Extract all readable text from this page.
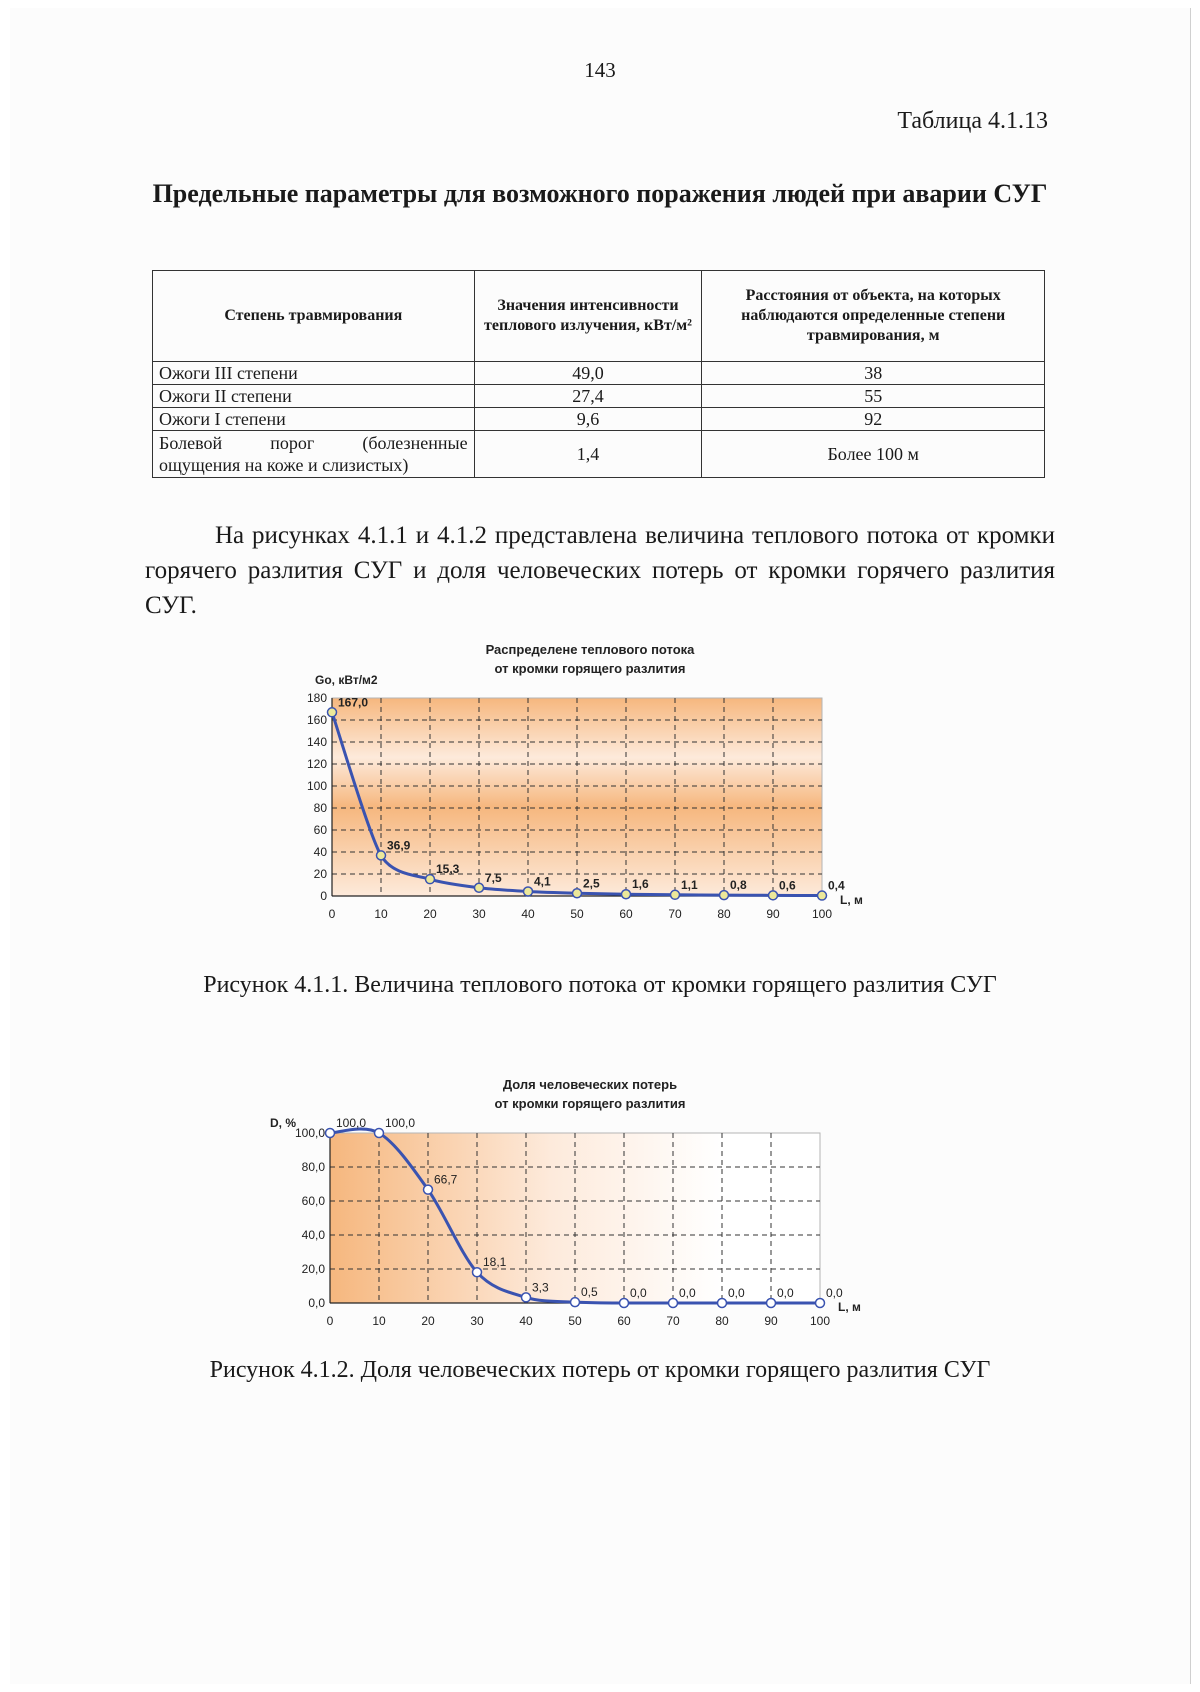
143
Таблица 4.1.13
Предельные параметры для возможного поражения людей при аварии СУГ
Степень травмирования	Значения интенсивности теплового излучения, кВт/м²	Расстояния от объекта, на которых наблюдаются определенные степени травмирования, м
Ожоги III степени	49,0	38
Ожоги II степени	27,4	55
Ожоги I степени	9,6	92

Болевой порог (болезненные
ощущения на коже и слизистых)	1,4	Более 100 м
На рисунках 4.1.1 и 4.1.2 представлена величина теплового потока от кромки горячего разлития СУГ и доля человеческих потерь от кромки горячего разлития СУГ.
0	10	20	30	40	50	60	70	80	90	100
0
20
40
60
80
100
120
140
160
180 167,0
36,9
15,3
7,5	4,1	2,5	1,6	1,1	0,8	0,6	0,4
Распределене теплового потока
от кромки горящего разлития
Go, кВт/м2
L, м
Рисунок 4.1.1. Величина теплового потока от кромки горящего разлития СУГ
0	10	20	30	40	50	60	70	80	90	100
0,0
20,0
40,0
60,0
80,0
100,0
100,0 100,0
66,7
18,1
3,3	0,5	0,0	0,0	0,0	0,0	0,0
Доля человеческих потерь
от кромки горящего разлития
D, %
L, м
Рисунок 4.1.2. Доля человеческих потерь от кромки горящего разлития СУГ
